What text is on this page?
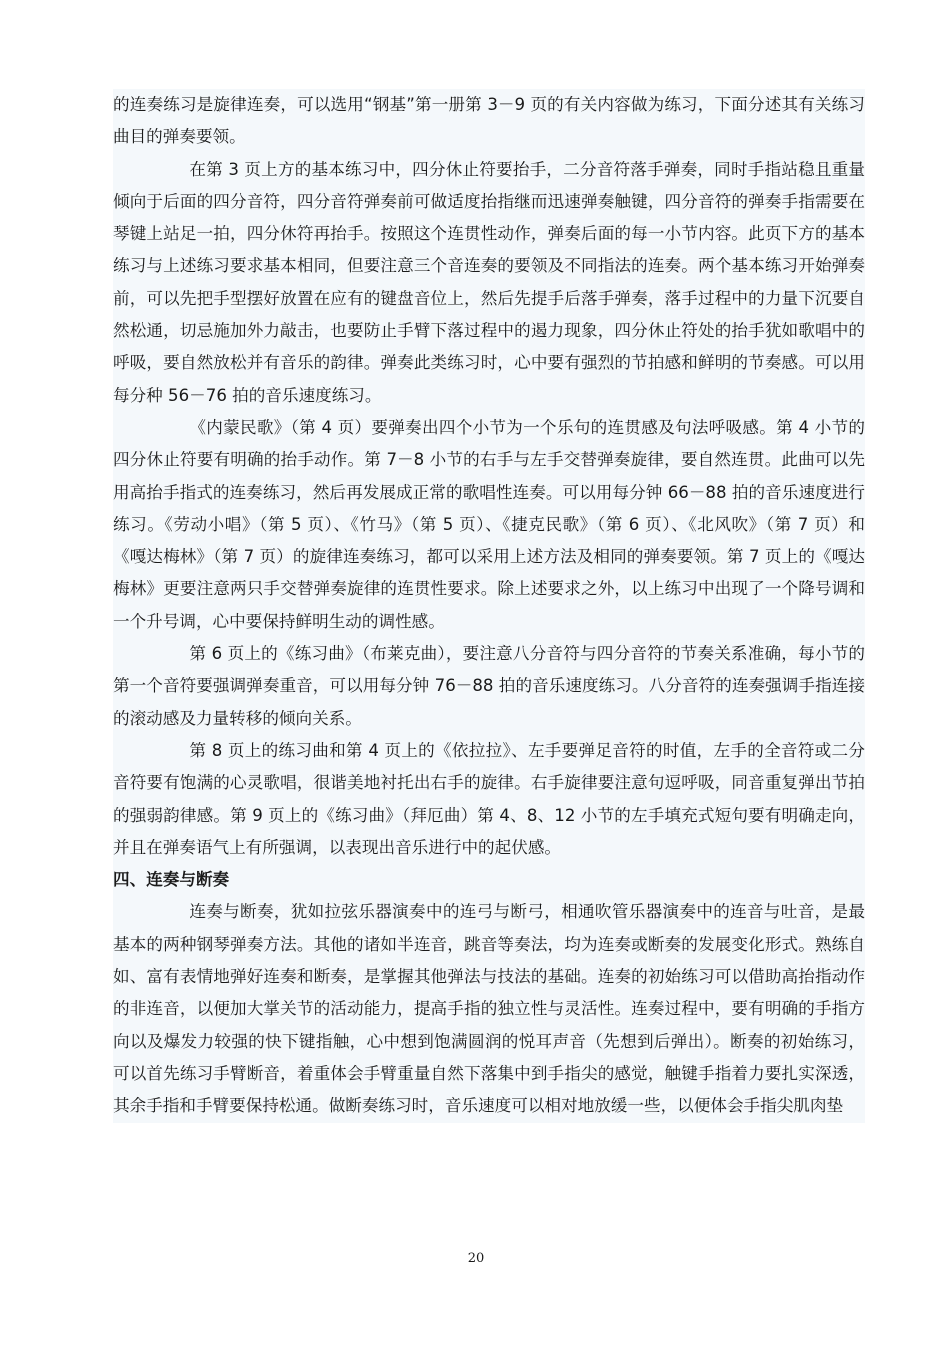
的连奏练习是旋律连奏，可以选用“钢基”第一册第 3－9 页的有关内容做为练习，下面分述其有关练习曲目的弹奏要领。

在第 3 页上方的基本练习中，四分休止符要抬手，二分音符落手弹奏，同时手指站稳且重量倾向于后面的四分音符，四分音符弹奏前可做适度抬指继而迅速弹奏触键，四分音符的弹奏手指需要在琴键上站足一拍，四分休符再抬手。按照这个连贯性动作，弹奏后面的每一小节内容。此页下方的基本练习与上述练习要求基本相同，但要注意三个音连奏的要领及不同指法的连奏。两个基本练习开始弹奏前，可以先把手型摆好放置在应有的键盘音位上，然后先提手后落手弹奏，落手过程中的力量下沉要自然松通，切忌施加外力敲击，也要防止手臂下落过程中的遏力现象，四分休止符处的抬手犹如歌唱中的呼吸，要自然放松并有音乐的韵律。弹奏此类练习时，心中要有强烈的节拍感和鲜明的节奏感。可以用每分种 56－76 拍的音乐速度练习。

《内蒙民歌》（第 4 页）要弹奏出四个小节为一个乐句的连贯感及句法呼吸感。第 4 小节的四分休止符要有明确的抬手动作。第 7－8 小节的右手与左手交替弹奏旋律，要自然连贯。此曲可以先用高抬手指式的连奏练习，然后再发展成正常的歌唱性连奏。可以用每分钟 66－88 拍的音乐速度进行练习。《劳动小唱》（第 5 页）、《竹马》（第 5 页）、《捷克民歌》（第 6 页）、《北风吹》（第 7 页）和《嘎达梅林》（第 7 页）的旋律连奏练习，都可以采用上述方法及相同的弹奏要领。第 7 页上的《嘎达梅林》更要注意两只手交替弹奏旋律的连贯性要求。除上述要求之外，以上练习中出现了一个降号调和一个升号调，心中要保持鲜明生动的调性感。

第 6 页上的《练习曲》（布莱克曲），要注意八分音符与四分音符的节奏关系准确，每小节的第一个音符要强调弹奏重音，可以用每分钟 76－88 拍的音乐速度练习。八分音符的连奏强调手指连接的滚动感及力量转移的倾向关系。

第 8 页上的练习曲和第 4 页上的《依拉拉》、左手要弹足音符的时值，左手的全音符或二分音符要有饱满的心灵歌唱，很谐美地衬托出右手的旋律。右手旋律要注意句逗呼吸，同音重复弹出节拍的强弱韵律感。第 9 页上的《练习曲》（拜厄曲）第 4、8、12 小节的左手填充式短句要有明确走向，并且在弹奏语气上有所强调，以表现出音乐进行中的起伏感。

四、连奏与断奏

连奏与断奏，犹如拉弦乐器演奏中的连弓与断弓，相通吹管乐器演奏中的连音与吐音，是最基本的两种钢琴弹奏方法。其他的诸如半连音，跳音等奏法，均为连奏或断奏的发展变化形式。熟练自如、富有表情地弹好连奏和断奏，是掌握其他弹法与技法的基础。连奏的初始练习可以借助高抬指动作的非连音，以便加大掌关节的活动能力，提高手指的独立性与灵活性。连奏过程中，要有明确的手指方向以及爆发力较强的快下键指触，心中想到饱满圆润的悦耳声音（先想到后弹出）。断奏的初始练习，可以首先练习手臂断音，着重体会手臂重量自然下落集中到手指尖的感觉，触键手指着力要扎实深透，其余手指和手臂要保持松通。做断奏练习时，音乐速度可以相对地放缓一些，以便体会手指尖肌肉垫

20
